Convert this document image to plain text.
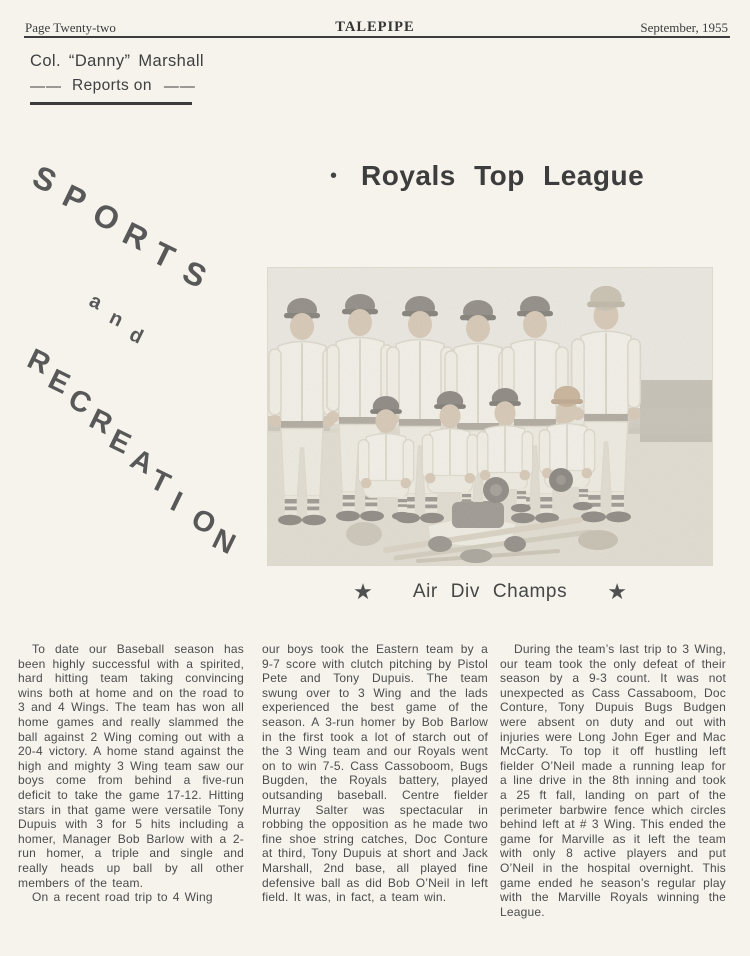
Page Twenty-two	TALEPIPE	September, 1955
Col. “Danny” Marshall
— — Reports on — —
S
P
O
R
T
S
a
n
d
R
E
C
R
E
A
T
I
O
N
• Royals Top League
★ Air Div Champs ★

To date our Baseball season has been highly successful with a spirited, hard hitting team taking convincing wins both at home and on the road to 3 and 4 Wings. The team has won all home games and really slammed the ball against 2 Wing coming out with a 20-4 victory. A home stand against the high and mighty 3 Wing team saw our boys come from behind a five-run deficit to take the game 17-12. Hitting stars in that game were versatile Tony Dupuis with 3 for 5 hits including a homer, Manager Bob Barlow with a 2-run homer, a triple and single and really heads up ball by all other members of the team.

On a recent road trip to 4 Wing

our boys took the Eastern team by a 9-7 score with clutch pitching by Pistol Pete and Tony Dupuis. The team swung over to 3 Wing and the lads experienced the best game of the season. A 3-run homer by Bob Barlow in the first took a lot of starch out of the 3 Wing team and our Royals went on to win 7-5. Cass Cassoboom, Bugs Bugden, the Royals battery, played outsanding baseball. Centre fielder Murray Salter was spectacular in robbing the opposition as he made two fine shoe string catches, Doc Conture at third, Tony Dupuis at short and Jack Marshall, 2nd base, all played fine defensive ball as did Bob O’Neil in left field. It was, in fact, a team win.

During the team’s last trip to 3 Wing, our team took the only defeat of their season by a 9-3 count. It was not unexpected as Cass Cassaboom, Doc Conture, Tony Dupuis Bugs Budgen were absent on duty and out with injuries were Long John Eger and Mac McCarty. To top it off hustling left fielder O’Neil made a running leap for a line drive in the 8th inning and took a 25 ft fall, landing on part of the perimeter barbwire fence which circles behind left at # 3 Wing. This ended the game for Marville as it left the team with only 8 active players and put O’Neil in the hospital overnight. This game ended he season’s regular play with the Marville Royals winning the League.
